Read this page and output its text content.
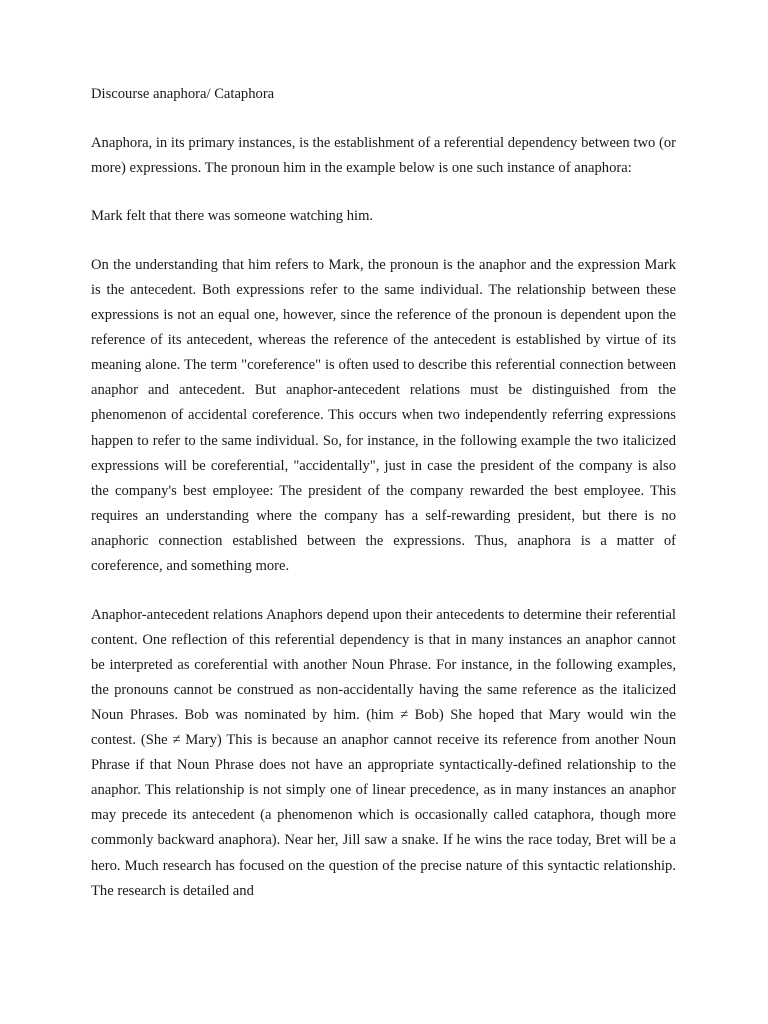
Discourse anaphora/ Cataphora

Anaphora, in its primary instances, is the establishment of a referential dependency between two (or more) expressions. The pronoun him in the example below is one such instance of anaphora:

Mark felt that there was someone watching him.

On the understanding that him refers to Mark, the pronoun is the anaphor and the expression Mark is the antecedent. Both expressions refer to the same individual. The relationship between these expressions is not an equal one, however, since the reference of the pronoun is dependent upon the reference of its antecedent, whereas the reference of the antecedent is established by virtue of its meaning alone. The term "coreference" is often used to describe this referential connection between anaphor and antecedent. But anaphor-antecedent relations must be distinguished from the phenomenon of accidental coreference. This occurs when two independently referring expressions happen to refer to the same individual. So, for instance, in the following example the two italicized expressions will be coreferential, "accidentally", just in case the president of the company is also the company's best employee: The president of the company rewarded the best employee. This requires an understanding where the company has a self-rewarding president, but there is no anaphoric connection established between the expressions. Thus, anaphora is a matter of coreference, and something more.

Anaphor-antecedent relations Anaphors depend upon their antecedents to determine their referential content. One reflection of this referential dependency is that in many instances an anaphor cannot be interpreted as coreferential with another Noun Phrase. For instance, in the following examples, the pronouns cannot be construed as non-accidentally having the same reference as the italicized Noun Phrases. Bob was nominated by him. (him ≠ Bob) She hoped that Mary would win the contest. (She ≠ Mary) This is because an anaphor cannot receive its reference from another Noun Phrase if that Noun Phrase does not have an appropriate syntactically-defined relationship to the anaphor. This relationship is not simply one of linear precedence, as in many instances an anaphor may precede its antecedent (a phenomenon which is occasionally called cataphora, though more commonly backward anaphora). Near her, Jill saw a snake. If he wins the race today, Bret will be a hero. Much research has focused on the question of the precise nature of this syntactic relationship. The research is detailed and
